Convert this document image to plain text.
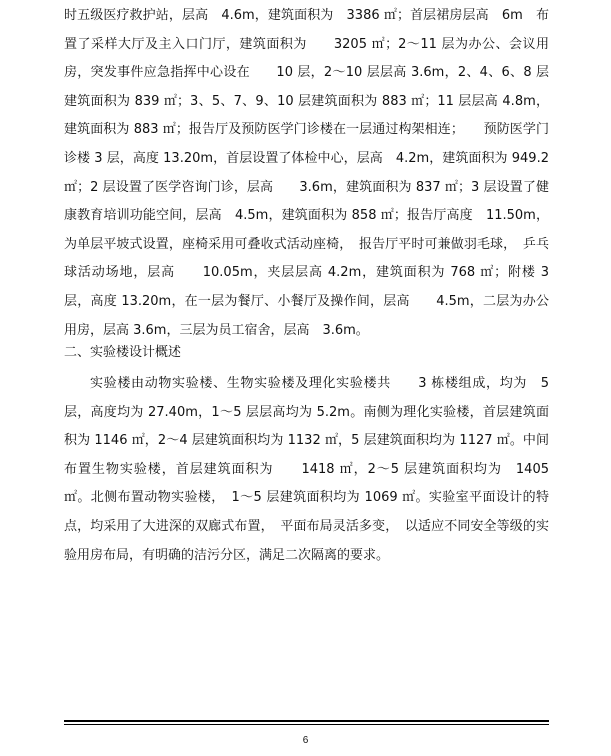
时五级医疗救护站，层高　4.6m，建筑面积为　3386 ㎡；首层裙房层高　6m　布置了采样大厅及主入口门厅，建筑面积为　　3205 ㎡；2～11 层为办公、会议用房，突发事件应急指挥中心设在　　10 层，2～10 层层高 3.6m，2、4、6、8 层建筑面积为 839 ㎡；3、5、7、9、10 层建筑面积为 883 ㎡；11 层层高 4.8m，建筑面积为 883 ㎡；报告厅及预防医学门诊楼在一层通过构架相连；　　预防医学门诊楼 3 层，高度 13.20m，首层设置了体检中心，层高　4.2m，建筑面积为 949.2 ㎡；2 层设置了医学咨询门诊，层高　　3.6m，建筑面积为 837 ㎡；3 层设置了健康教育培训功能空间，层高　4.5m，建筑面积为 858 ㎡；报告厅高度　11.50m，为单层平坡式设置，座椅采用可叠收式活动座椅，　报告厅平时可兼做羽毛球，　乒乓球活动场地，层高　　10.05m，夹层层高 4.2m，建筑面积为 768 ㎡；附楼 3 层，高度 13.20m，在一层为餐厅、小餐厅及操作间，层高　　4.5m，二层为办公用房，层高 3.6m，三层为员工宿舍，层高　3.6m。
二、实验楼设计概述
实验楼由动物实验楼、生物实验楼及理化实验楼共　　3 栋楼组成，均为　5 层，高度均为 27.40m，1～5 层层高均为 5.2m。南侧为理化实验楼，首层建筑面积为 1146 ㎡，2～4 层建筑面积均为 1132 ㎡，5 层建筑面积均为 1127 ㎡。中间布置生物实验楼，首层建筑面积为　　1418 ㎡，2～5 层建筑面积均为　1405 ㎡。北侧布置动物实验楼，　1～5 层建筑面积均为 1069 ㎡。实验室平面设计的特点，均采用了大进深的双廊式布置，　平面布局灵活多变，　以适应不同安全等级的实验用房布局，有明确的洁污分区，满足二次隔离的要求。
6
